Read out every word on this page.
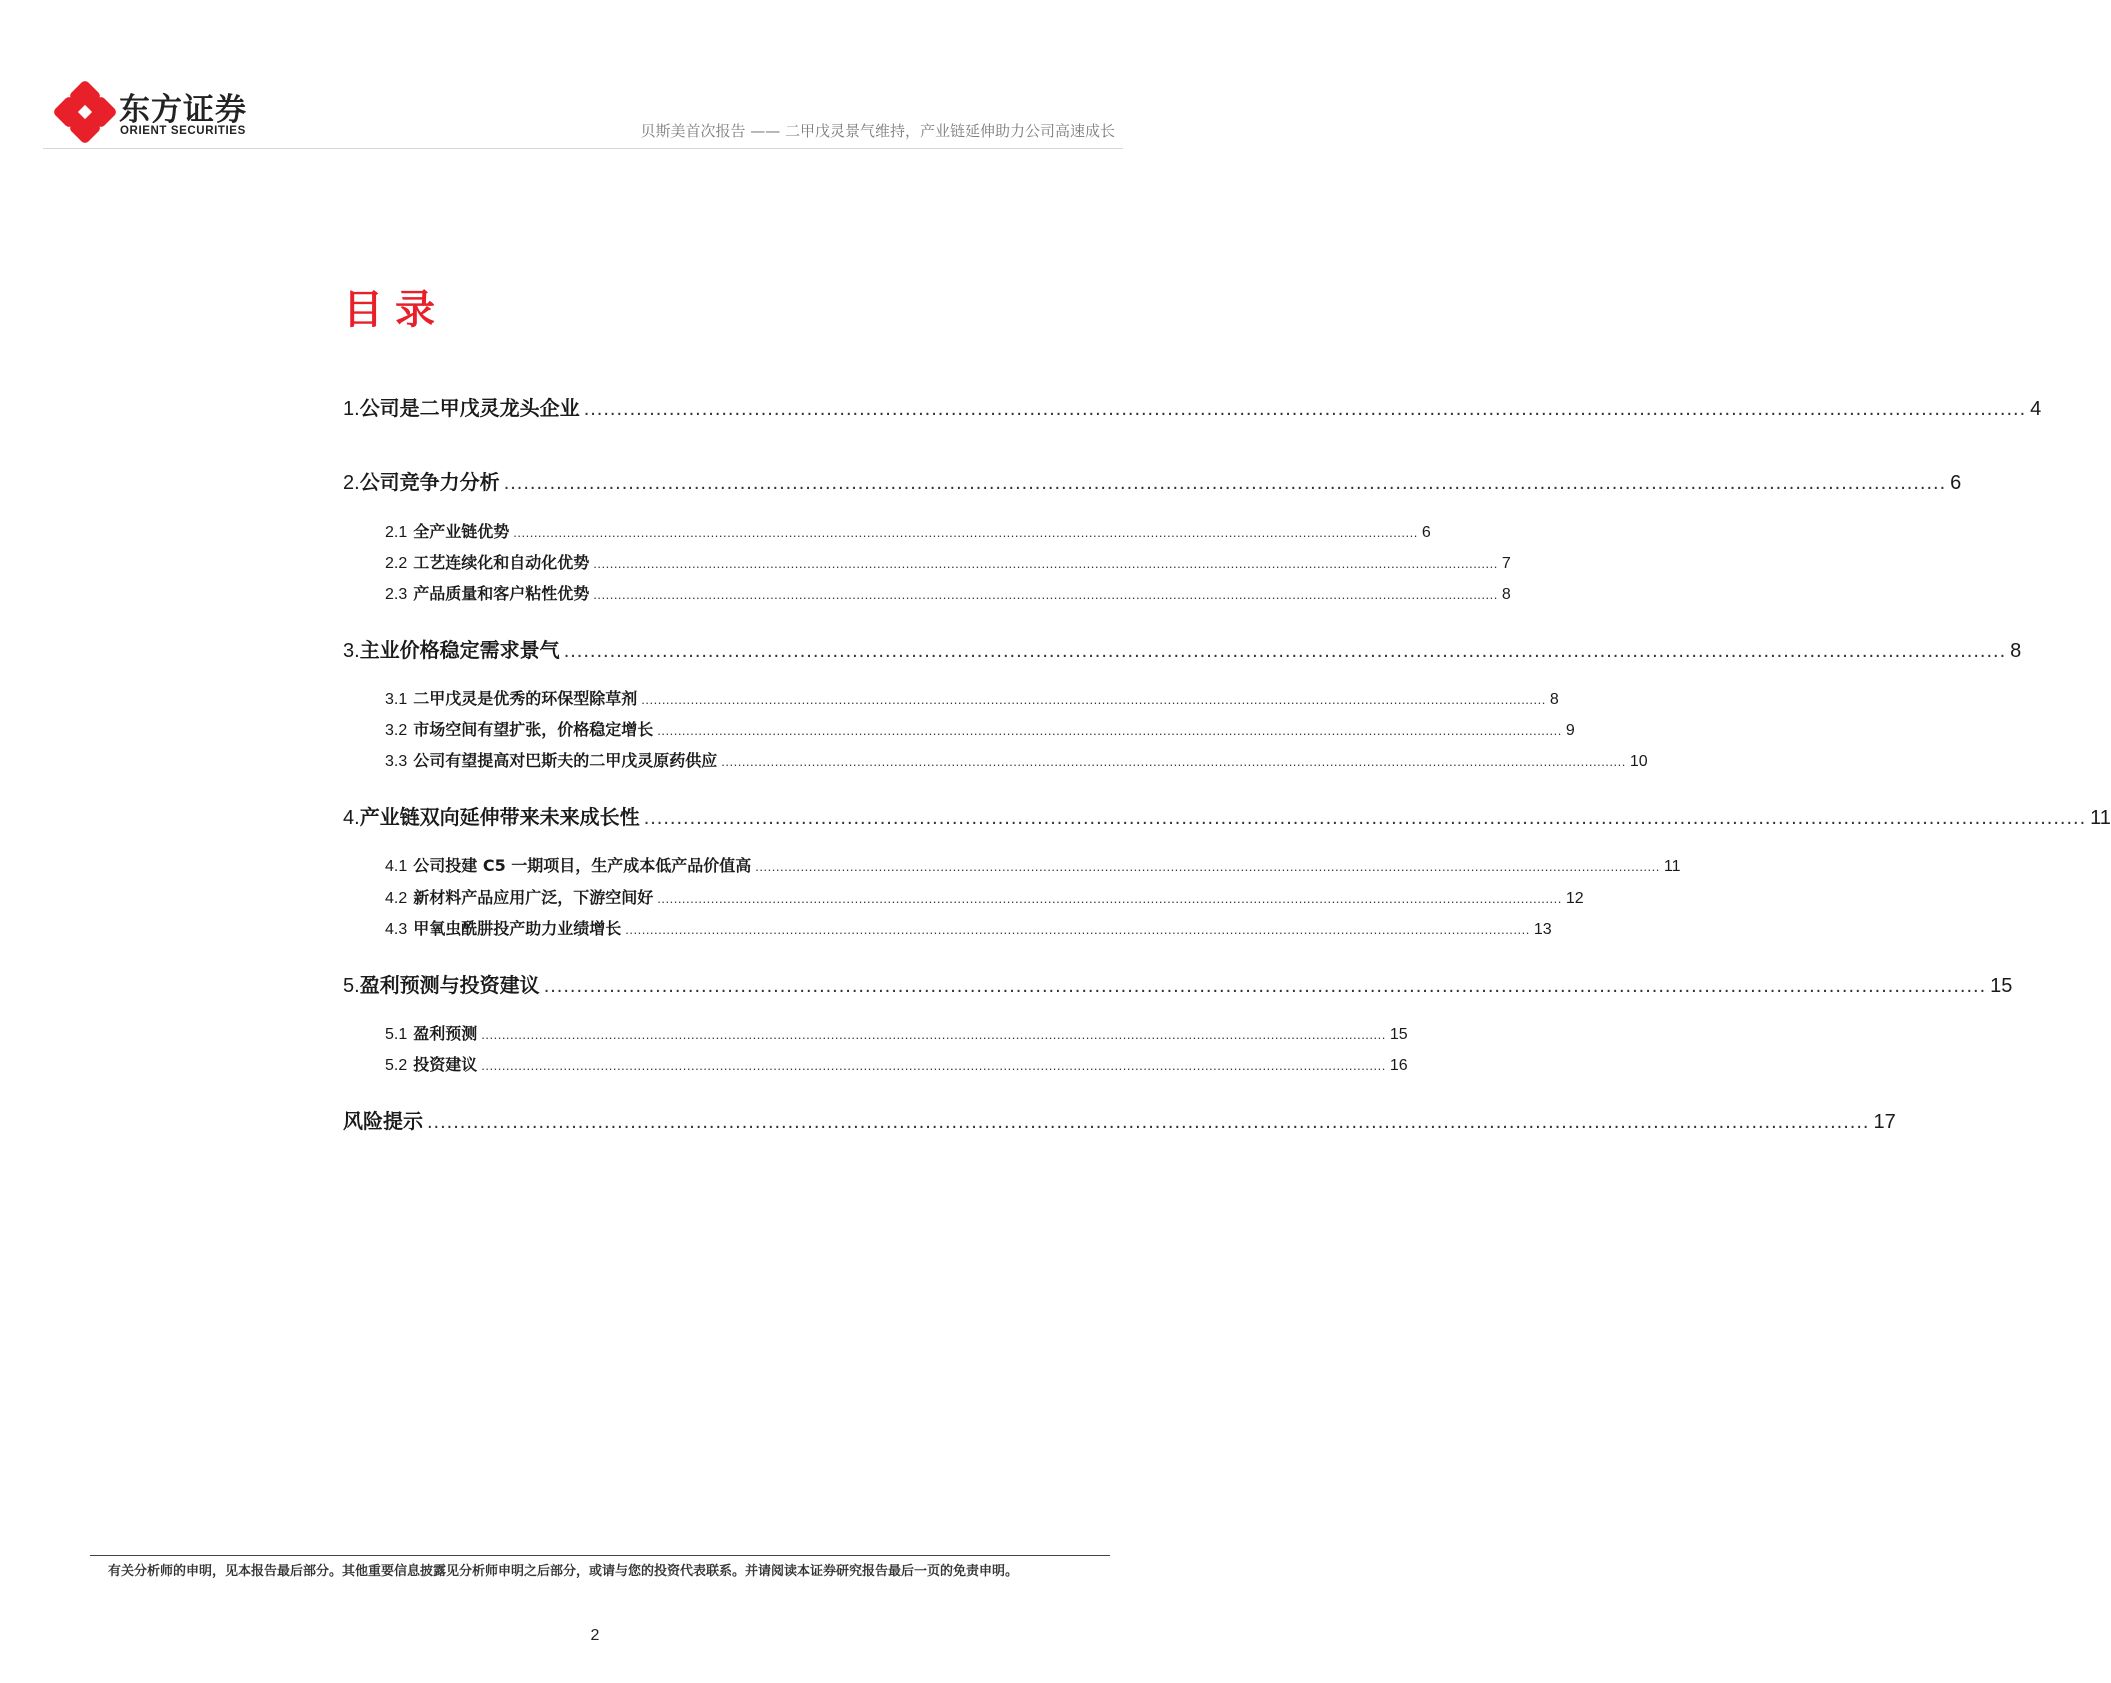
东方证券
ORIENT SECURITIES	贝斯美首次报告 —— 二甲戊灵景气维持，产业链延伸助力公司高速成长
目录
1. 公司是二甲戊灵龙头企业 ............................................................................................................................................................................................................................ 4
2. 公司竞争力分析 ............................................................................................................................................................................................................................ 6
2.1 全产业链优势 ............................................................................................................................................................................................................................ 6
2.2 工艺连续化和自动化优势 ............................................................................................................................................................................................................................ 7
2.3 产品质量和客户粘性优势 ............................................................................................................................................................................................................................ 8
3. 主业价格稳定需求景气 ............................................................................................................................................................................................................................ 8
3.1 二甲戊灵是优秀的环保型除草剂 ............................................................................................................................................................................................................................ 8
3.2 市场空间有望扩张，价格稳定增长 ............................................................................................................................................................................................................................ 9
3.3 公司有望提高对巴斯夫的二甲戊灵原药供应 ............................................................................................................................................................................................................................ 10
4. 产业链双向延伸带来未来成长性 ............................................................................................................................................................................................................................ 11
4.1 公司投建 C5 一期项目，生产成本低产品价值高 ............................................................................................................................................................................................................................ 11
4.2 新材料产品应用广泛，下游空间好 ............................................................................................................................................................................................................................ 12
4.3 甲氧虫酰肼投产助力业绩增长 ............................................................................................................................................................................................................................ 13
5. 盈利预测与投资建议 ............................................................................................................................................................................................................................ 15
5.1 盈利预测 ............................................................................................................................................................................................................................ 15
5.2 投资建议 ............................................................................................................................................................................................................................ 16
风险提示 ............................................................................................................................................................................................................................ 17
有关分析师的申明，见本报告最后部分。其他重要信息披露见分析师申明之后部分，或请与您的投资代表联系。并请阅读本证券研究报告最后一页的免责申明。
2
